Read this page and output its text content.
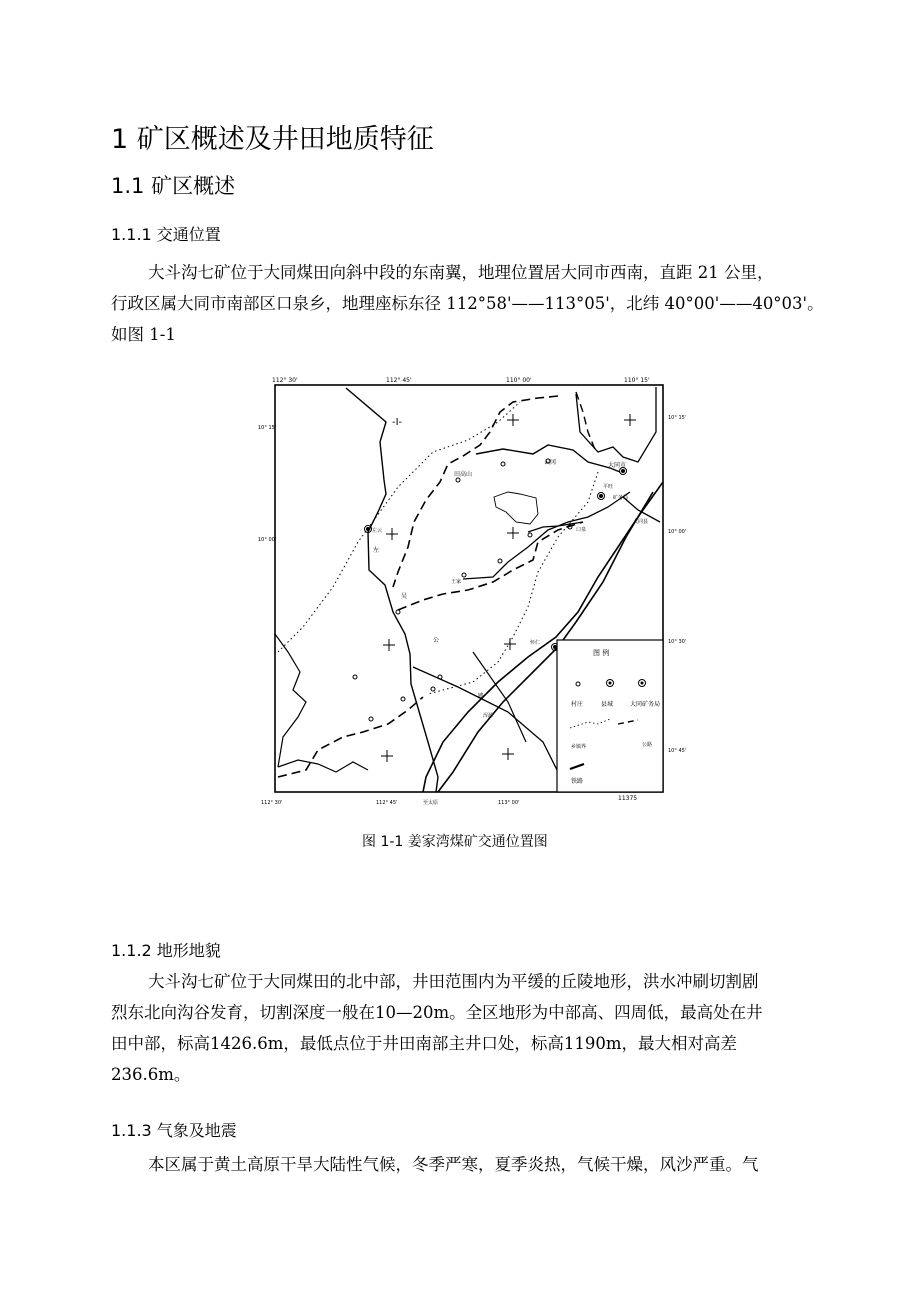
1 矿区概述及井田地质特征
1.1 矿区概述
1.1.1 交通位置

大斗沟七矿位于大同煤田向斜中段的东南翼，地理位置居大同市西南，直距 21 公里，

行政区属大同市南部区口泉乡，地理座标东径 112°58'——113°05'，北纬 40°00'——40°03'。

如图 1-1

112° 30'	112° 45'	110° 00'	110° 15'
112° 30'	112° 45'	至太原	113° 00'
11375
10° 15'
10° 00'
10° 15'
10° 00'
10° 30'
10° 45'
-I-
大同市
平旺
矿务局
口泉
云冈
田高山
左云
吴
公
路
怀仁
浑源
大同县
左
王家
图 例
村庄	县城	大同矿务局
乡镇界	公路
铁路
图 1-1 姜家湾煤矿交通位置图
1.1.2 地形地貌

大斗沟七矿位于大同煤田的北中部，井田范围内为平缓的丘陵地形，洪水冲刷切割剧

烈东北向沟谷发育，切割深度一般在10—20m。全区地形为中部高、四周低，最高处在井

田中部，标高1426.6m，最低点位于井田南部主井口处，标高1190m，最大相对高差

236.6m。

1.1.3 气象及地震

本区属于黄土高原干旱大陆性气候，冬季严寒，夏季炎热，气候干燥，风沙严重。气
